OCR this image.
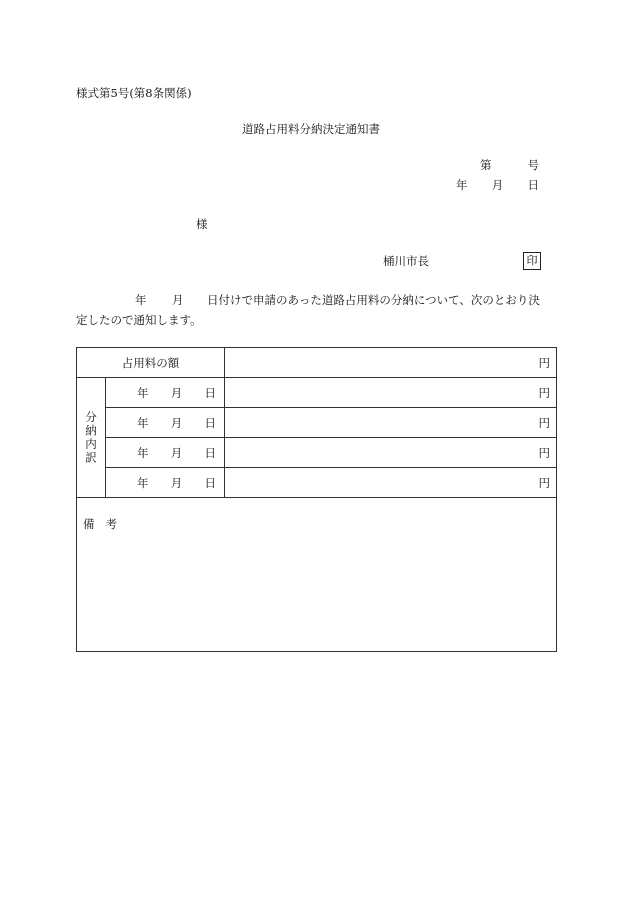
様式第5号(第8条関係)
道路占用料分納決定通知書
第	号
年 月 日
様
桶川市長	印
年 月 日付けで申請のあった道路占用料の分納について、次のとおり決
定したので通知します。
占用料の額		円
分納内訳	年 月 日	円

	年 月 日	円

	年 月 日	円

	年 月 日	円

備 考		
